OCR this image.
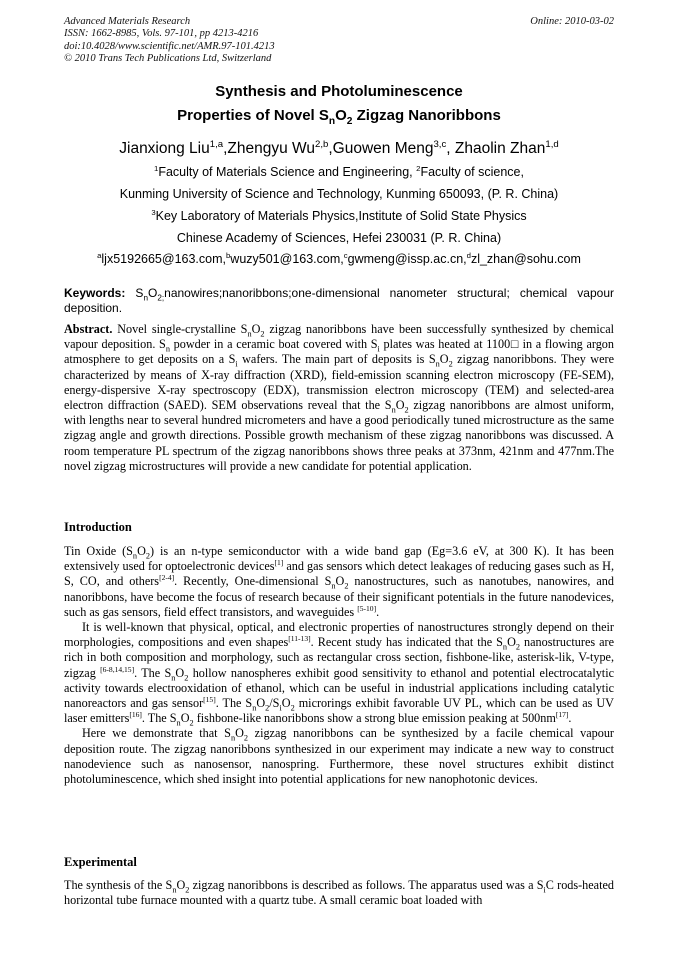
Advanced Materials Research
ISSN: 1662-8985, Vols. 97-101, pp 4213-4216
doi:10.4028/www.scientific.net/AMR.97-101.4213
© 2010 Trans Tech Publications Ltd, Switzerland
Online: 2010-03-02
Synthesis and Photoluminescence
Properties of Novel $S_nO_2$ Zigzag Nanoribbons
Jianxiong Liu$^{1,a}$,Zhengyu Wu$^{2,b}$,Guowen Meng$^{3,c}$, Zhaolin Zhan$^{1,d}$
$^1$Faculty of Materials Science and Engineering, $^2$Faculty of science,
Kunming University of Science and Technology, Kunming 650093, (P. R. China)
$^3$Key Laboratory of Materials Physics,Institute of Solid State Physics
Chinese Academy of Sciences, Hefei 230031 (P. R. China)
$^a$ljx5192665@163.com,$^b$wuzy501@163.com,$^c$gwmeng@issp.ac.cn,$^d$zl_zhan@sohu.com
Keywords: $S_nO_{2;}nanowires;nanoribbons;one$-dimensional nanometer structural; chemical vapour deposition.

Abstract. Novel single-crystalline $S_nO_2$ zigzag nanoribbons have been successfully synthesized by chemical vapour deposition. $S_n$ powder in a ceramic boat covered with $S_i$ plates was heated at 1100□ in a flowing argon atmosphere to get deposits on a $S_i$ wafers. The main part of deposits is $S_nO_2$ zigzag nanoribbons. They were characterized by means of X-ray diffraction (XRD), field-emission scanning electron microscopy (FE-SEM), energy-dispersive X-ray spectroscopy (EDX), transmission electron microscopy (TEM) and selected-area electron diffraction (SAED). SEM observations reveal that the $S_nO_2$ zigzag nanoribbons are almost uniform, with lengths near to several hundred micrometers and have a good periodically tuned microstructure as the same zigzag angle and growth directions. Possible growth mechanism of these zigzag nanoribbons was discussed. A room temperature PL spectrum of the zigzag nanoribbons shows three peaks at 373nm, 421nm and 477nm.The novel zigzag microstructures will provide a new candidate for potential application.

Introduction

Tin Oxide $(S_nO_2)$ is an n-type semiconductor with a wide band gap (Eg=3.6 eV, at 300 K). It has been extensively used for optoelectronic devices[1] and gas sensors which detect leakages of reducing gases such as H, S, CO, and others[2-4]. Recently, One-dimensional $S_nO_2$ nanostructures, such as nanotubes, nanowires, and nanoribbons, have become the focus of research because of their significant potentials in the future nanodevices, such as gas sensors, field effect transistors, and waveguides [5-10].

It is well-known that physical, optical, and electronic properties of nanostructures strongly depend on their morphologies, compositions and even shapes[11-13]. Recent study has indicated that the $S_nO_2$ nanostructures are rich in both composition and morphology, such as rectangular cross section, fishbone-like, asterisk-lik, V-type, zigzag [6-8,14,15]. The $S_nO_2$ hollow nanospheres exhibit good sensitivity to ethanol and potential electrocatalytic activity towards electrooxidation of ethanol, which can be useful in industrial applications including catalytic nanoreactors and gas sensor[15]. The $S_nO_2/S_iO_2$ microrings exhibit favorable UV PL, which can be used as UV laser emitters[16]. The $S_nO_2$ fishbone-like nanoribbons show a strong blue emission peaking at 500nm[17].

Here we demonstrate that $S_nO_2$ zigzag nanoribbons can be synthesized by a facile chemical vapour deposition route. The zigzag nanoribbons synthesized in our experiment may indicate a new way to construct nanodevience such as nanosensor, nanospring. Furthermore, these novel structures exhibit distinct photoluminescence, which shed insight into potential applications for new nanophotonic devices.

Experimental

The synthesis of the $S_nO_2$ zigzag nanoribbons is described as follows. The apparatus used was a $S_iC$ rods-heated horizontal tube furnace mounted with a quartz tube. A small ceramic boat loaded with
